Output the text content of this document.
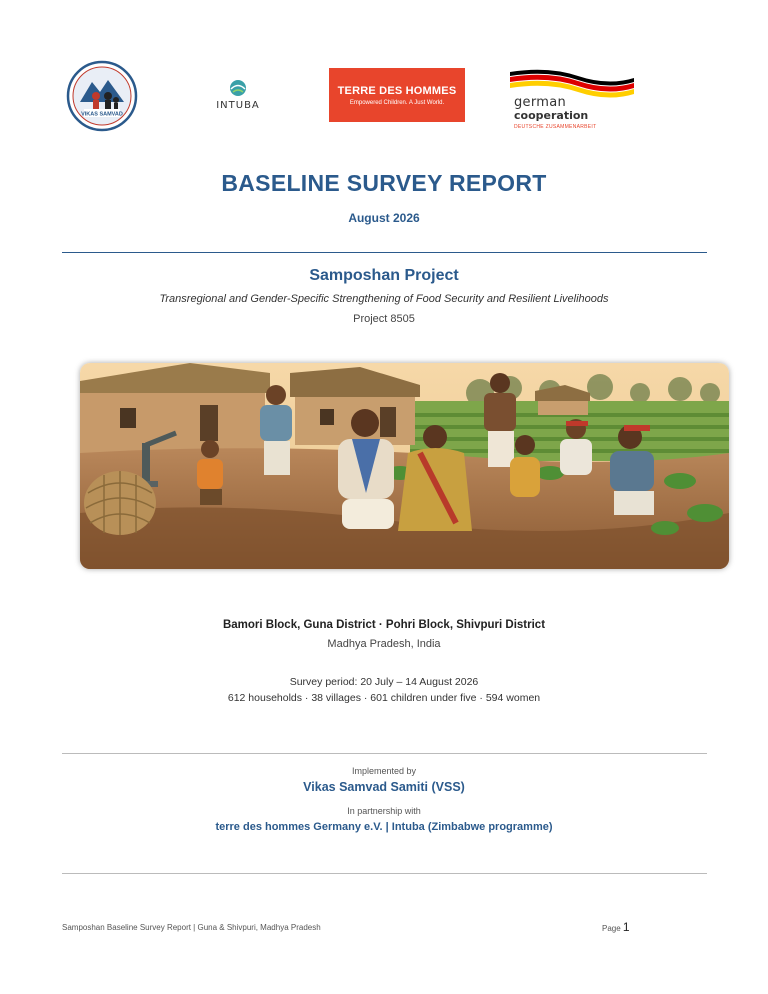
VIKAS SAMVAD
INTUBA
TERRE DES HOMMES
Empowered Children. A Just World.	german
cooperation
DEUTSCHE ZUSAMMENARBEIT
BASELINE SURVEY REPORT
August 2026
Samposhan Project
Transregional and Gender-Specific Strengthening of Food Security and Resilient Livelihoods
Project 8505
Bamori Block, Guna District · Pohri Block, Shivpuri District
Madhya Pradesh, India
Survey period: 20 July – 14 August 2026
612 households · 38 villages · 601 children under five · 594 women
Implemented by
Vikas Samvad Samiti (VSS)
In partnership with
terre des hommes Germany e.V. | Intuba (Zimbabwe programme)
Samposhan Baseline Survey Report | Guna & Shivpuri, Madhya Pradesh	Page 1
